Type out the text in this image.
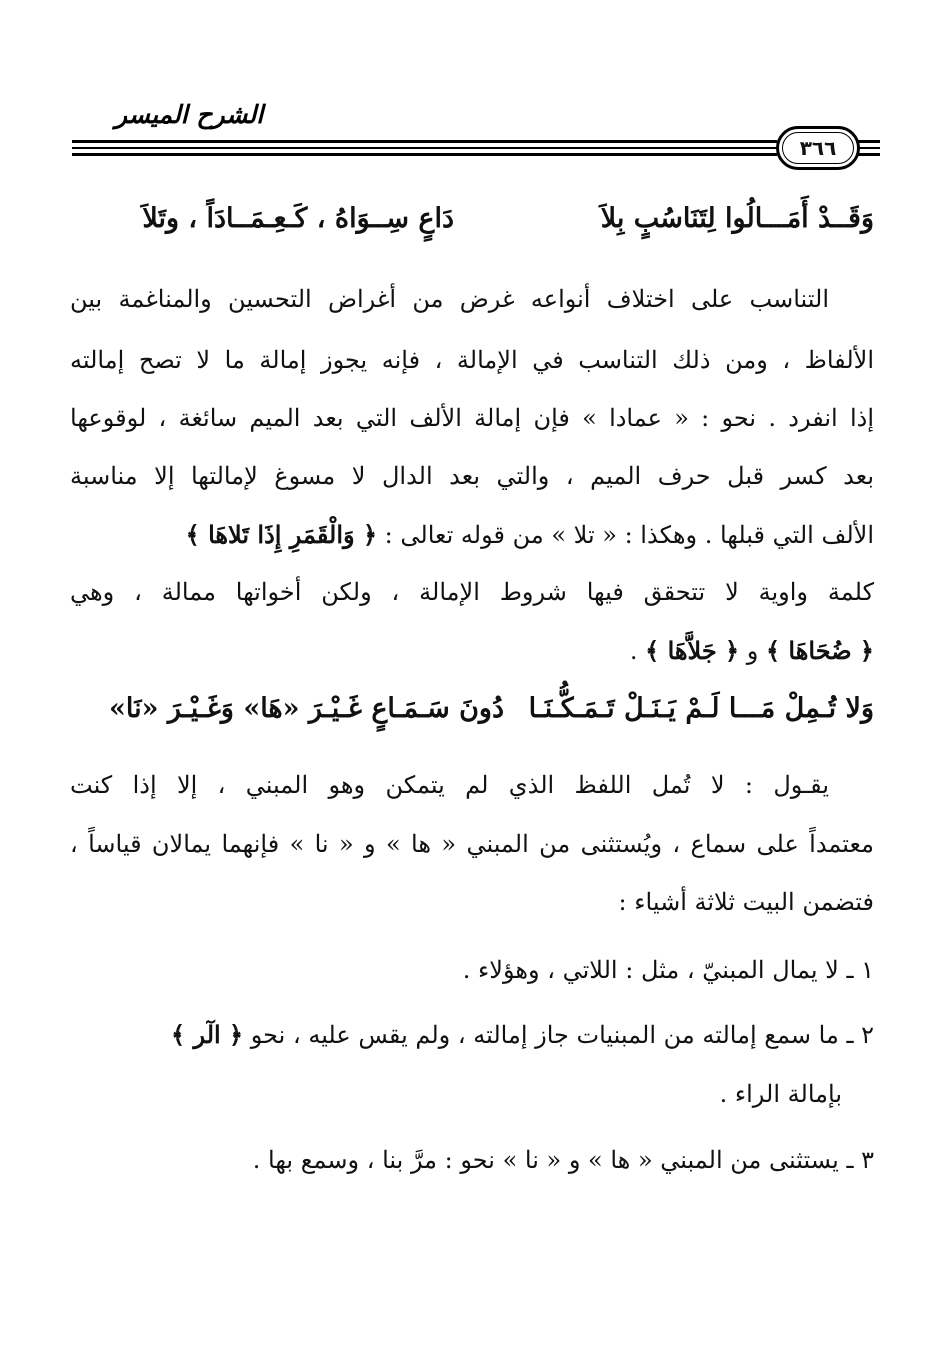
الشرح الميسر
٣٦٦
وَقَــدْ أَمَـــالُوا لِتَنَاسُبٍ بِلاَ
دَاعٍ سِــوَاهُ ، كَـعِـمَــادَاً ، وتَلاَ
التناسب على اختلاف أنواعه غرض من أغراض التحسين والمناغمة بين
الألفاظ ، ومن ذلك التناسب في الإمالة ، فإنه يجوز إمالة ما لا تصح إمالته
إذا انفرد . نحو : « عمادا » فإن إمالة الألف التي بعد الميم سائغة ، لوقوعها
بعد كسر قبل حرف الميم ، والتي بعد الدال لا مسوغ لإمالتها إلا مناسبة
الألف التي قبلها . وهكذا : « تلا » من قوله تعالى : ﴿ وَالْقَمَرِ إِذَا تَلاهَا ﴾
كلمة واوية لا تتحقق فيها شروط الإمالة ، ولكن أخواتها ممالة ، وهي
﴿ ضُحَاهَا ﴾ و ﴿ جَلاَّهَا ﴾ .
وَلا تُـمِلْ مَـــا لَـمْ يَـنَـلْ تَـمَـكُّـنَـا
دُونَ سَـمَـاعٍ غَـيْـرَ «هَا» وَغَـيْـرَ «نَا»
يقـول : لا تُمل اللفظ الذي لم يتمكن وهو المبني ، إلا إذا كنت
معتمداً على سماع ، ويُستثنى من المبني « ها » و « نا » فإنهما يمالان قياساً ،
فتضمن البيت ثلاثة أشياء :
١ ـ لا يمال المبنيّ ، مثل : اللاتي ، وهؤلاء .
٢ ـ ما سمع إمالته من المبنيات جاز إمالته ، ولم يقس عليه ، نحو ﴿ الٓر ﴾
بإمالة الراء .
٣ ـ يستثنى من المبني « ها » و « نا » نحو : مرَّ بنا ، وسمع بها .
